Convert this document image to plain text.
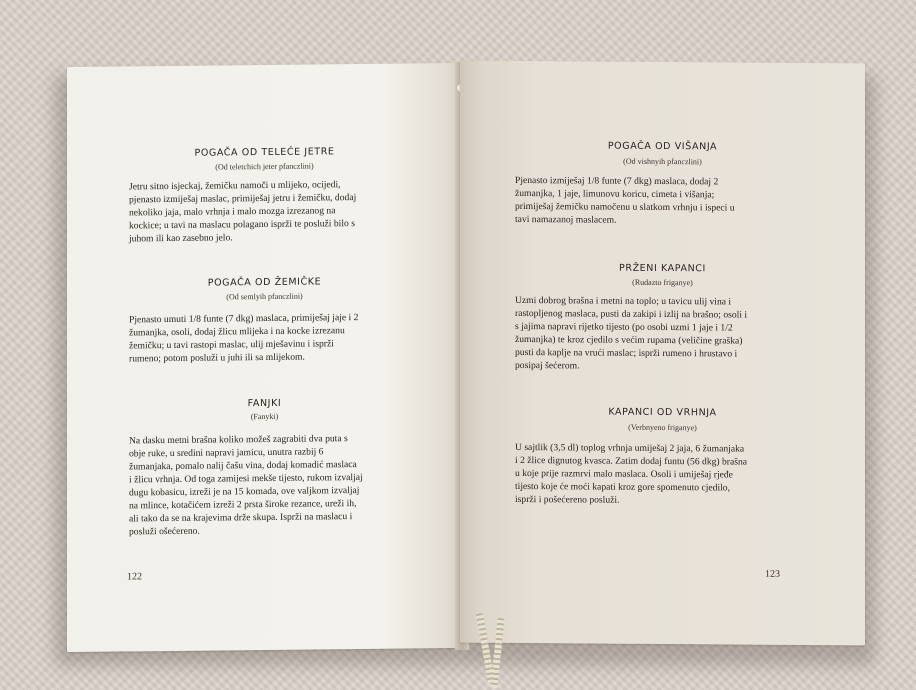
POGAČA OD TELEĆE JETRE
(Od teletchich jeter pfanczlini)
Jetru sitno isjeckaj, žemičku namoči u mlijeko, ocijedi,
pjenasto izmiješaj maslac, primiješaj jetru i žemičku, dodaj
nekoliko jaja, malo vrhnja i malo mozga izrezanog na
kockice; u tavi na maslacu polagano isprži te posluži bilo s
juhom ili kao zasebno jelo.
POGAČA OD ŽEMIČKE
(Od semlyih pfanczlini)
Pjenasto umuti 1/8 funte (7 dkg) maslaca, primiješaj jaje i 2
žumanjka, osoli, dodaj žlicu mlijeka i na kocke izrezanu
žemičku; u tavi rastopi maslac, ulij mješavinu i isprži
rumeno; potom posluži u juhi ili sa mlijekom.
FANJKI
(Fanyki)
Na dasku metni brašna koliko možeš zagrabiti dva puta s
obje ruke, u sredini napravi jamicu, unutra razbij 6
žumanjaka, pomalo nalij čašu vina, dodaj komadić maslaca
i žlicu vrhnja. Od toga zamijesi mekše tijesto, rukom izvaljaj
dugu kobasicu, izreži je na 15 komada, ove valjkom izvaljaj
na mlince, kotačićem izreži 2 prsta široke rezance, ureži ih,
ali tako da se na krajevima drže skupa. Isprži na maslacu i
posluži ošećereno.
122
POGAČA OD VIŠANJA
(Od vishnyih pfanczlini)
Pjenasto izmiješaj 1/8 funte (7 dkg) maslaca, dodaj 2
žumanjka, 1 jaje, limunovu koricu, cimeta i višanja;
primiješaj žemičku namočenu u slatkom vrhnju i ispeci u
tavi namazanoj maslacem.
PRŽENI KAPANCI
(Rudazto friganye)
Uzmi dobrog brašna i metni na toplo; u tavicu ulij vina i
rastopljenog maslaca, pusti da zakipi i izlij na brašno; osoli i
s jajima napravi rijetko tijesto (po osobi uzmi 1 jaje i 1/2
žumanjka) te kroz cjedilo s većim rupama (veličine graška)
pusti da kaplje na vrući maslac; isprži rumeno i hrustavo i
posipaj šećerom.
KAPANCI OD VRHNJA
(Verbnyeno friganye)
U sajtlik (3,5 dl) toplog vrhnja umiješaj 2 jaja, 6 žumanjaka
i 2 žlice dignutog kvasca. Zatim dodaj funtu (56 dkg) brašna
u koje prije razmrvi malo maslaca. Osoli i umiješaj rjeđe
tijesto koje će moći kapati kroz gore spomenuto cjedilo,
isprži i pošećereno posluži.
123
